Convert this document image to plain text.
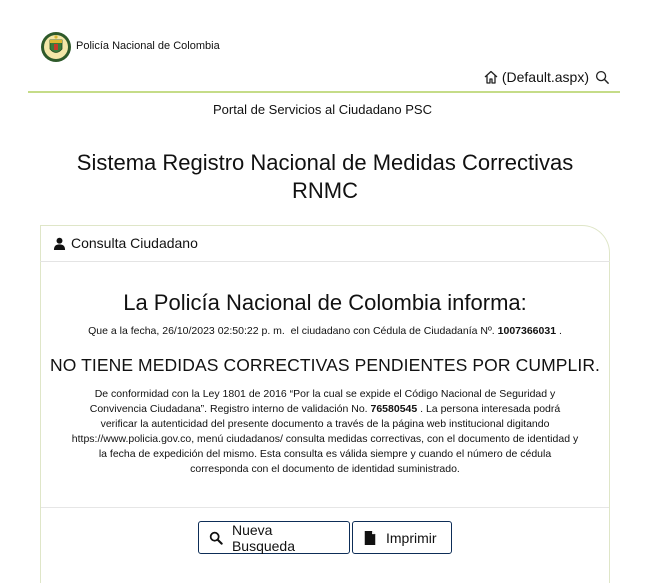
Policía Nacional de Colombia
(Default.aspx)
Portal de Servicios al Ciudadano PSC
Sistema Registro Nacional de Medidas Correctivas
RNMC
Consulta Ciudadano
La Policía Nacional de Colombia informa:
Que a la fecha, 26/10/2023 02:50:22 p. m.  el ciudadano con Cédula de Ciudadanía Nº. 1007366031 .
NO TIENE MEDIDAS CORRECTIVAS PENDIENTES POR CUMPLIR.
De conformidad con la Ley 1801 de 2016 “Por la cual se expide el Código Nacional de Seguridad y Convivencia Ciudadana”. Registro interno de validación No. 76580545 . La persona interesada podrá verificar la autenticidad del presente documento a través de la página web institucional digitando https://www.policia.gov.co, menú ciudadanos/ consulta medidas correctivas, con el documento de identidad y la fecha de expedición del mismo. Esta consulta es válida siempre y cuando el número de cédula corresponda con el documento de identidad suministrado.
Nueva Busqueda	Imprimir
